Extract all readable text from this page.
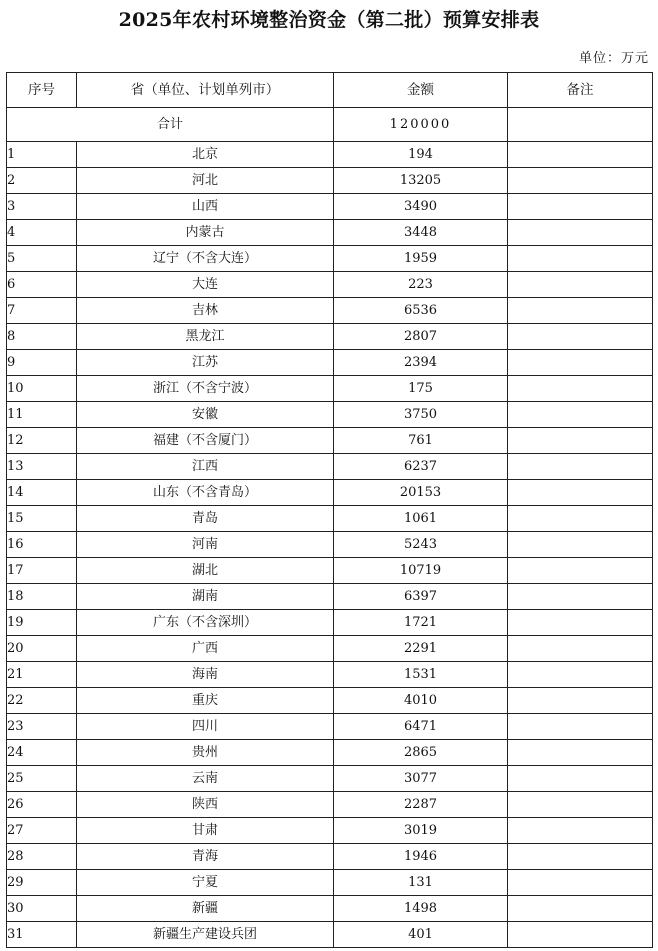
2025年农村环境整治资金（第二批）预算安排表
单位：万元
序号	省（单位、计划单列市）	金额	备注
合计		120000	
1	北京	194	
2	河北	13205	
3	山西	3490	
4	内蒙古	3448	
5	辽宁（不含大连）	1959	
6	大连	223	
7	吉林	6536	
8	黑龙江	2807	
9	江苏	2394	
10	浙江（不含宁波）	175	
11	安徽	3750	
12	福建（不含厦门）	761	
13	江西	6237	
14	山东（不含青岛）	20153	
15	青岛	1061	
16	河南	5243	
17	湖北	10719	
18	湖南	6397	
19	广东（不含深圳）	1721	
20	广西	2291	
21	海南	1531	
22	重庆	4010	
23	四川	6471	
24	贵州	2865	
25	云南	3077	
26	陕西	2287	
27	甘肃	3019	
28	青海	1946	
29	宁夏	131	
30	新疆	1498	
31	新疆生产建设兵团	401	
